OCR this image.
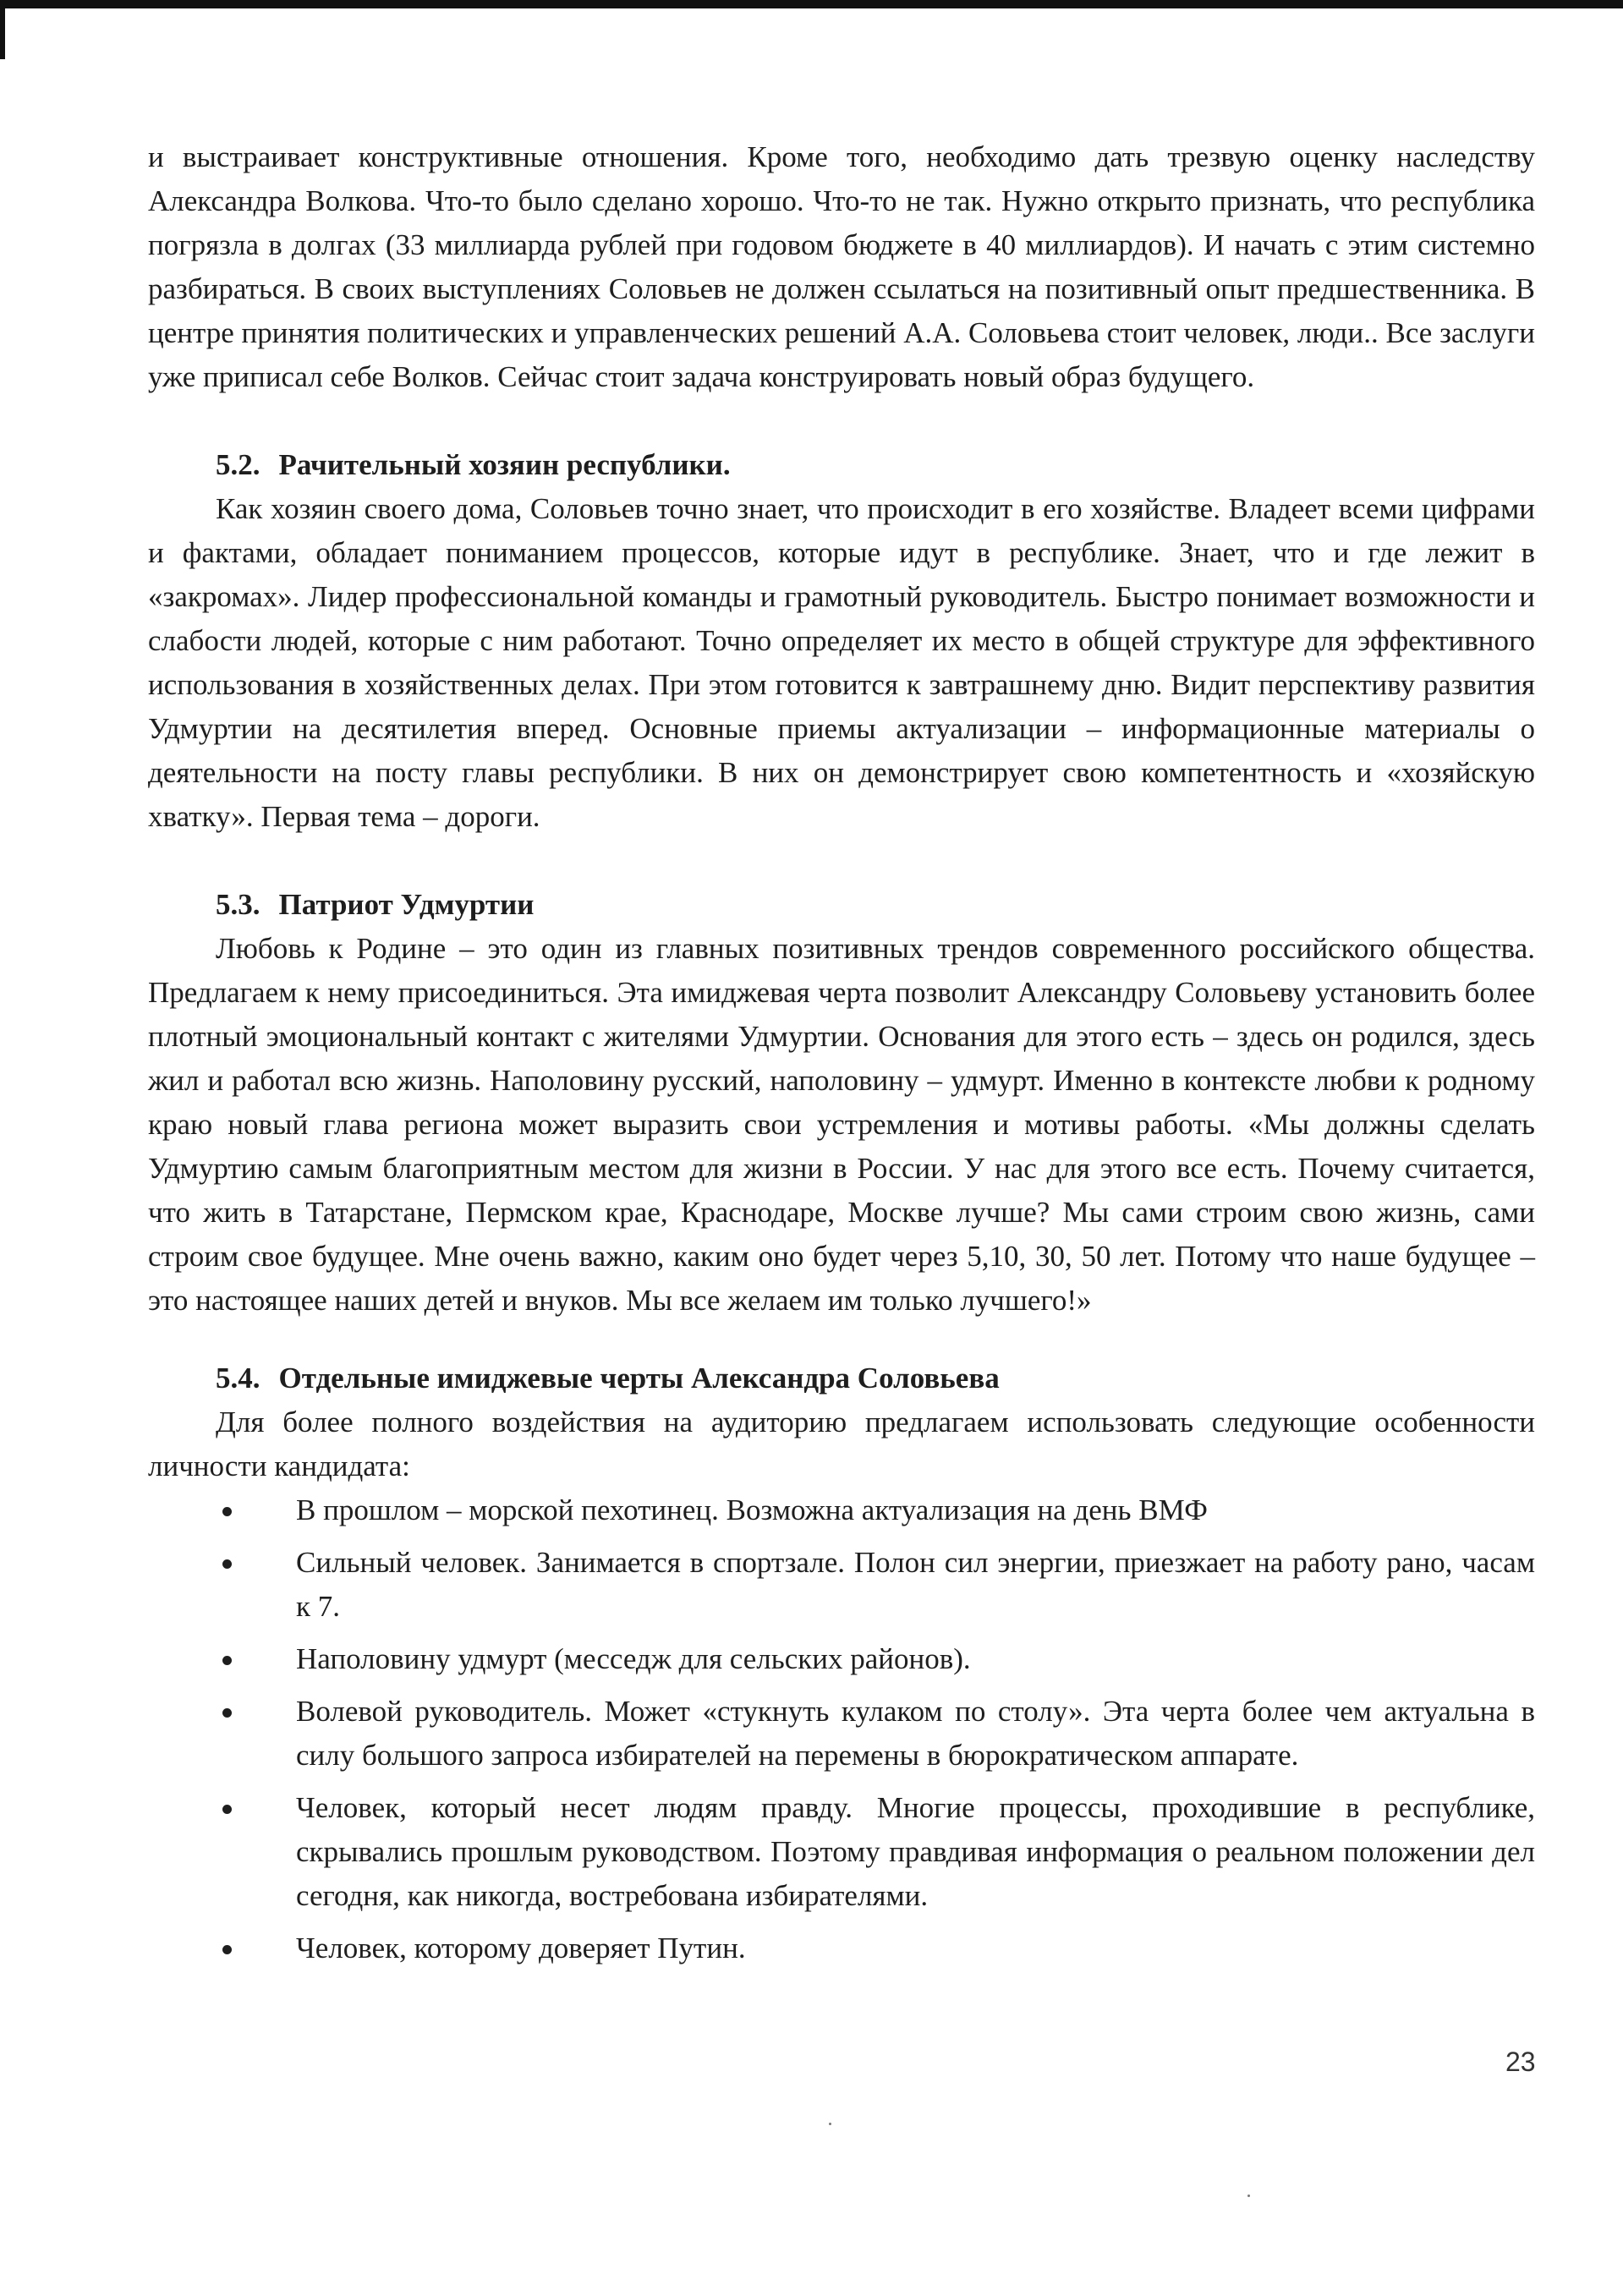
и выстраивает конструктивные отношения. Кроме того, необходимо дать трезвую оценку наследству Александра Волкова. Что-то было сделано хорошо. Что-то не так. Нужно открыто признать, что республика погрязла в долгах (33 миллиарда рублей при годовом бюджете в 40 миллиардов). И начать с этим системно разбираться. В своих выступлениях Соловьев не должен ссылаться на позитивный опыт предшественника. В центре принятия политических и управленческих решений А.А. Соловьева стоит человек, люди.. Все заслуги уже приписал себе Волков. Сейчас стоит задача конструировать новый образ будущего.

5.2. Рачительный хозяин республики.

Как хозяин своего дома, Соловьев точно знает, что происходит в его хозяйстве. Владеет всеми цифрами и фактами, обладает пониманием процессов, которые идут в республике. Знает, что и где лежит в «закромах». Лидер профессиональной команды и грамотный руководитель. Быстро понимает возможности и слабости людей, которые с ним работают. Точно определяет их место в общей структуре для эффективного использования в хозяйственных делах. При этом готовится к завтрашнему дню. Видит перспективу развития Удмуртии на десятилетия вперед. Основные приемы актуализации – информационные материалы о деятельности на посту главы республики. В них он демонстрирует свою компетентность и «хозяйскую хватку». Первая тема – дороги.

5.3. Патриот Удмуртии

Любовь к Родине – это один из главных позитивных трендов современного российского общества. Предлагаем к нему присоединиться. Эта имиджевая черта позволит Александру Соловьеву установить более плотный эмоциональный контакт с жителями Удмуртии. Основания для этого есть – здесь он родился, здесь жил и работал всю жизнь. Наполовину русский, наполовину – удмурт. Именно в контексте любви к родному краю новый глава региона может выразить свои устремления и мотивы работы. «Мы должны сделать Удмуртию самым благоприятным местом для жизни в России. У нас для этого все есть. Почему считается, что жить в Татарстане, Пермском крае, Краснодаре, Москве лучше? Мы сами строим свою жизнь, сами строим свое будущее. Мне очень важно, каким оно будет через 5,10, 30, 50 лет. Потому что наше будущее – это настоящее наших детей и внуков. Мы все желаем им только лучшего!»

5.4. Отдельные имиджевые черты Александра Соловьева

Для более полного воздействия на аудиторию предлагаем использовать следующие особенности личности кандидата:

В прошлом – морской пехотинец. Возможна актуализация на день ВМФ
Сильный человек. Занимается в спортзале. Полон сил энергии, приезжает на работу рано, часам к 7.
Наполовину удмурт (месседж для сельских районов).
Волевой руководитель. Может «стукнуть кулаком по столу». Эта черта более чем актуальна в силу большого запроса избирателей на перемены в бюрократическом аппарате.
Человек, который несет людям правду. Многие процессы, проходившие в республике, скрывались прошлым руководством. Поэтому правдивая информация о реальном положении дел сегодня, как никогда, востребована избирателями.
Человек, которому доверяет Путин.
23
